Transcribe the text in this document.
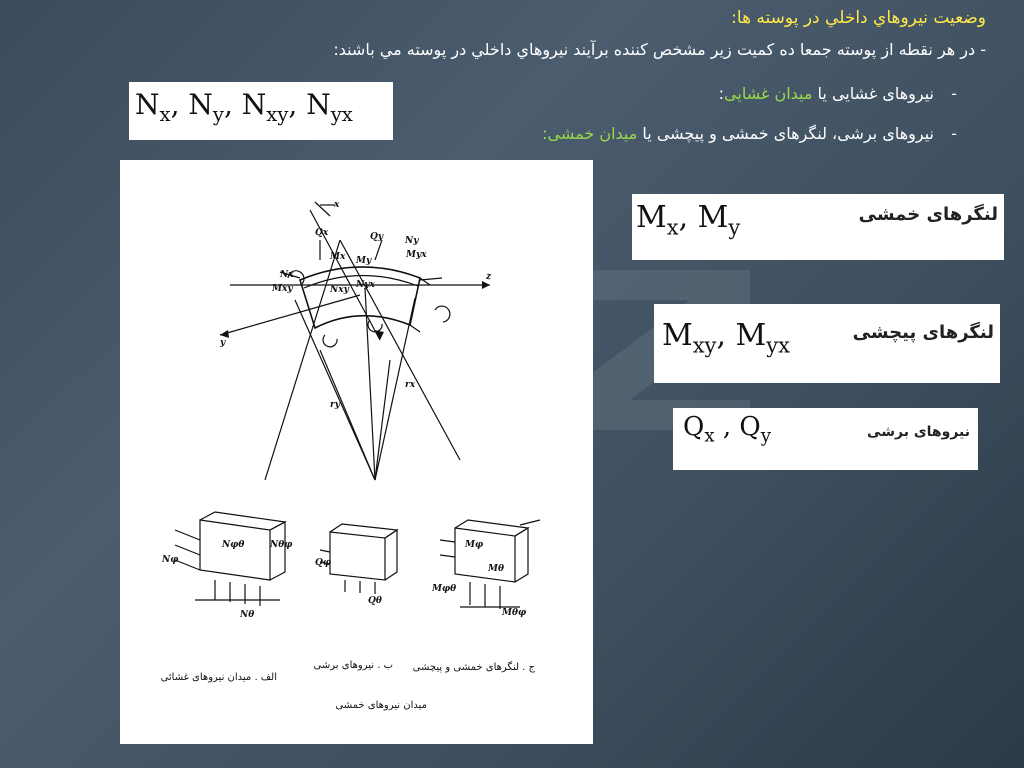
وضعيت نيروهاي داخلي در پوسته ها:
- در هر نقطه از پوسته جمعا ده کميت زير مشخص کننده برآيند نيروهاي داخلي در پوسته مي باشند:
-نیروهای غشایی یا میدان غشایی:
-نیروهای برشی، لنگرهای خمشی و پیچشی یا میدان خمشی:
$N_x$, $N_y$, $N_{xy}$, $N_{yx}$
$M_x$, $M_y$
لنگرهای خمشی
$M_{xy}$, $M_{yx}$
لنگرهای پیچشی
$Q_x$ , $Q_y$	نیروهای برشی
Nx
Qx	Qy Ny
Mx My
Mxy
Myx
Nxy Nyx
x
z
y
rx
ry
Nφ
Nφθ	Nθφ
Nθ
Qφ
Qθ
Mφ
Mθ
Mφθ
Mθφ
الف . میدان نیروهای غشائی
ب . نیروهای برشی ج . لنگرهای خمشی و پیچشی
میدان نیروهای خمشی
